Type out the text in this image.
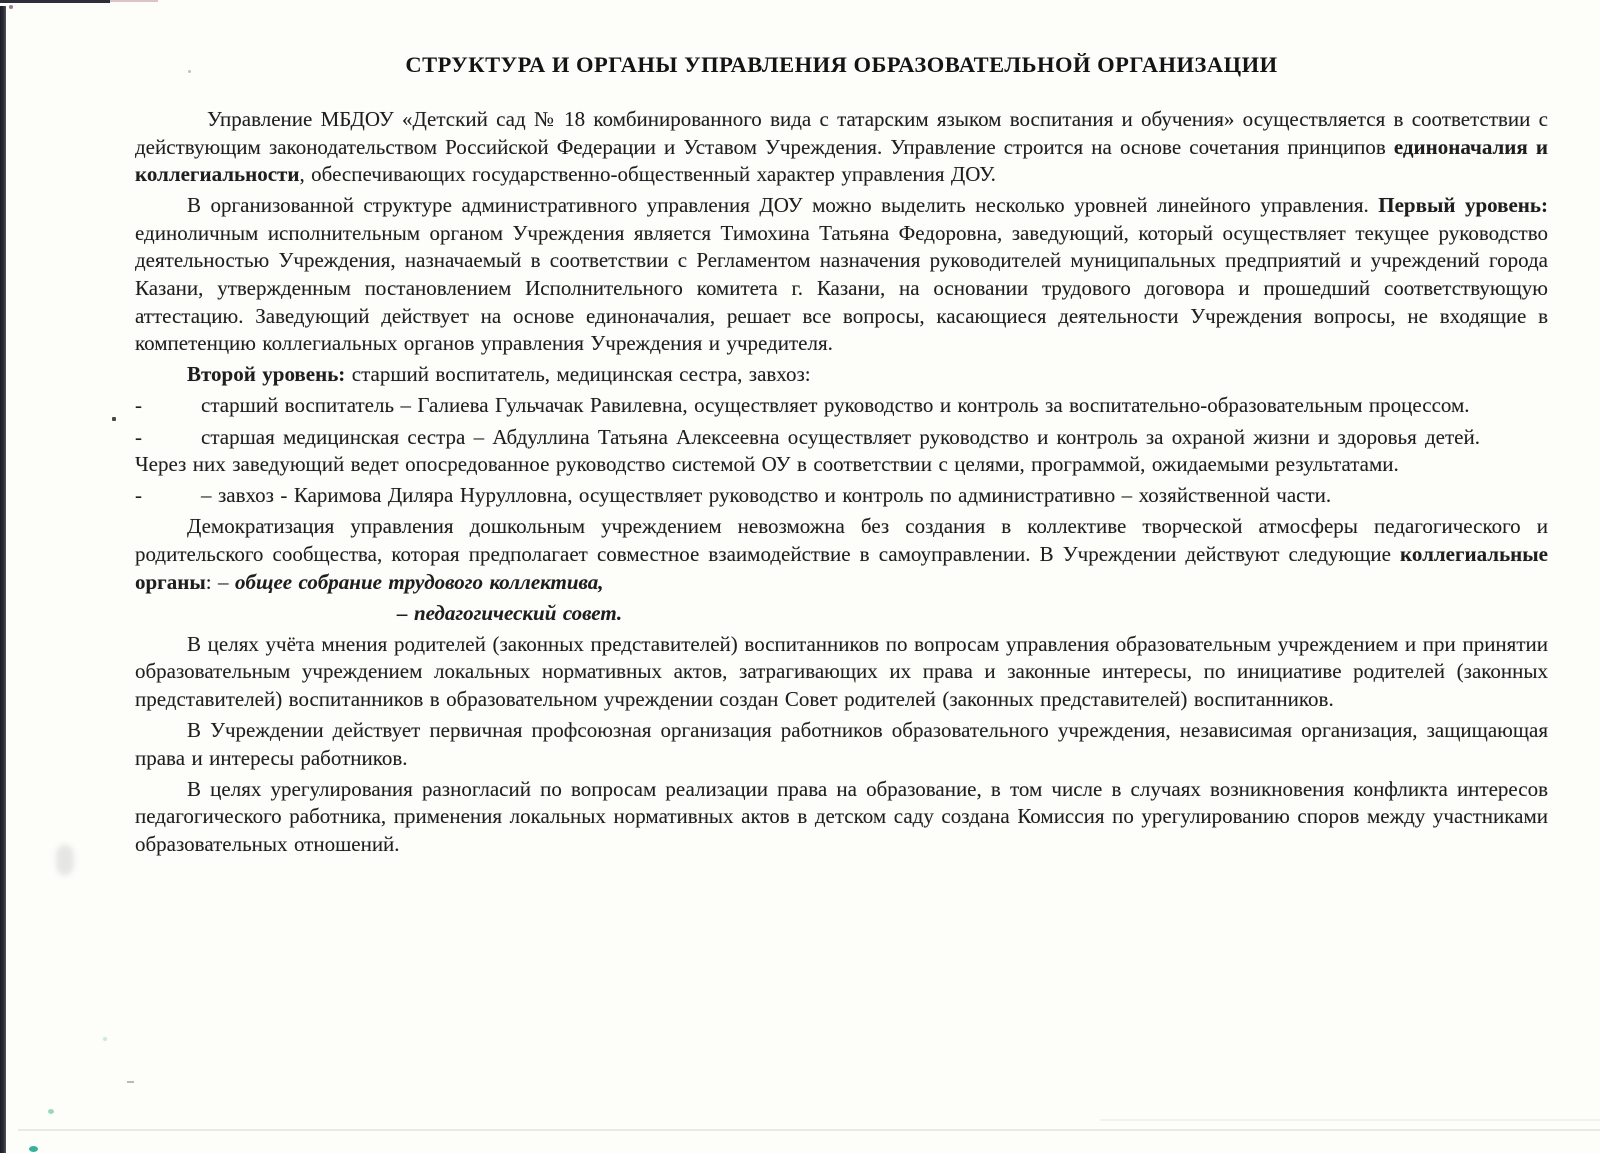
СТРУКТУРА И ОРГАНЫ УПРАВЛЕНИЯ ОБРАЗОВАТЕЛЬНОЙ ОРГАНИЗАЦИИ

Управление МБДОУ «Детский сад № 18 комбинированного вида с татарским языком воспитания и обучения» осуществляется в соответствии с действующим законодательством Российской Федерации и Уставом Учреждения. Управление строится на основе сочетания принципов единоначалия и коллегиальности, обеспечивающих государственно-общественный характер управления ДОУ.

В организованной структуре административного управления ДОУ можно выделить несколько уровней линейного управления. Первый уровень: единоличным исполнительным органом Учреждения является Тимохина Татьяна Федоровна, заведующий, который осуществляет текущее руководство деятельностью Учреждения, назначаемый в соответствии с Регламентом назначения руководителей муниципальных предприятий и учреждений города Казани, утвержденным постановлением Исполнительного комитета г. Казани, на основании трудового договора и прошедший соответствующую аттестацию. Заведующий действует на основе единоначалия, решает все вопросы, касающиеся деятельности Учреждения вопросы, не входящие в компетенцию коллегиальных органов управления Учреждения и учредителя.

Второй уровень: старший воспитатель, медицинская сестра, завхоз:

-	старший воспитатель – Галиева Гульчачак Равилевна, осуществляет руководство и контроль за воспитательно-образовательным процессом.

-	старшая медицинская сестра – Абдуллина Татьяна Алексеевна осуществляет руководство и контроль за охраной жизни и здоровья детей.Через них заведующий ведет опосредованное руководство системой ОУ в соответствии с целями, программой, ожидаемыми результатами.

-	– завхоз - Каримова Диляра Нурулловна, осуществляет руководство и контроль по административно – хозяйственной части.

Демократизация управления дошкольным учреждением невозможна без создания в коллективе творческой атмосферы педагогического и родительского сообщества, которая предполагает совместное взаимодействие в самоуправлении. В Учреждении действуют следующие коллегиальные органы: – общее собрание трудового коллектива,

– педагогический совет.

В целях учёта мнения родителей (законных представителей) воспитанников по вопросам управления образовательным учреждением и при принятии образовательным учреждением локальных нормативных актов, затрагивающих их права и законные интересы, по инициативе родителей (законных представителей) воспитанников в образовательном учреждении создан Совет родителей (законных представителей) воспитанников.

В Учреждении действует первичная профсоюзная организация работников образовательного учреждения, независимая организация, защищающая права и интересы работников.

В целях урегулирования разногласий по вопросам реализации права на образование, в том числе в случаях возникновения конфликта интересов педагогического работника, применения локальных нормативных актов в детском саду создана Комиссия по урегулированию споров между участниками образовательных отношений.
